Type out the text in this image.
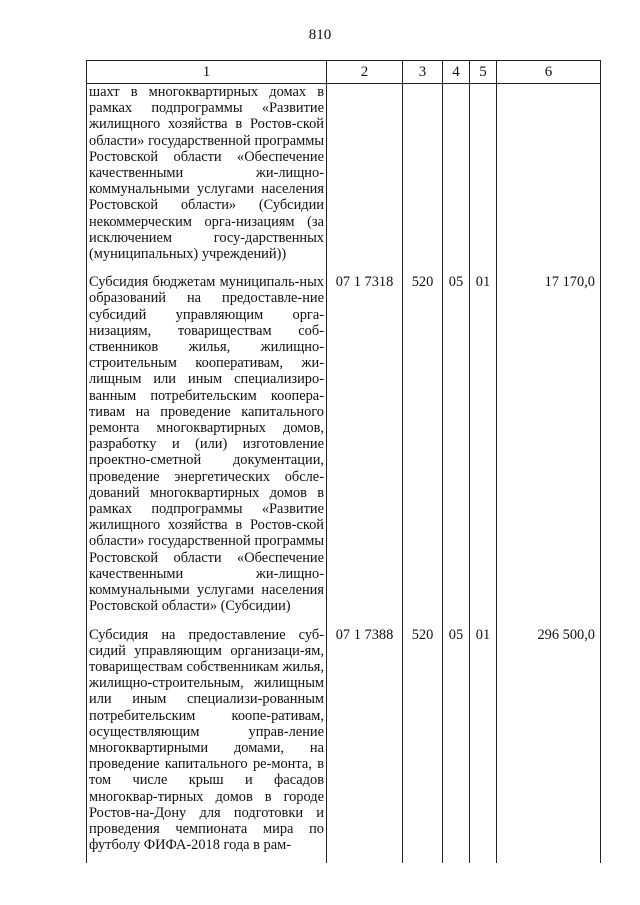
810
1	2	3	4	5	6
шахт в многоквартирных домах в рамках подпрограммы «Развитие жилищного хозяйства в Ростов-ской области» государственной программы Ростовской области «Обеспечение качественными жи-лищно-коммунальными услугами населения Ростовской области» (Субсидии некоммерческим орга-низациям (за исключением госу-дарственных (муниципальных) учреждений))					
Субсидия бюджетам муниципаль-ных образований на предоставле-ние субсидий управляющим орга-низациям, товариществам соб-ственников жилья, жилищно-строительным кооперативам, жи-лищным или иным специализиро-ванным потребительским коопера-тивам на проведение капитального ремонта многоквартирных домов, разработку и (или) изготовление проектно-сметной документации, проведение энергетических обсле-дований многоквартирных домов в рамках подпрограммы «Развитие жилищного хозяйства в Ростов-ской области» государственной программы Ростовской области «Обеспечение качественными жи-лищно-коммунальными услугами населения Ростовской области» (Субсидии)	07 1 7318	520	05	01	17 170,0
Субсидия на предоставление суб-сидий управляющим организаци-ям, товариществам собственникам жилья, жилищно-строительным, жилищным или иным специализи-рованным потребительским коопе-ративам, осуществляющим управ-ление многоквартирными домами, на проведение капитального ре-монта, в том числе крыш и фасадов многоквар-тирных домов в городе Ростов-на-Дону для подготовки и проведения чемпионата мира по футболу ФИФА-2018 года в рам-	07 1 7388	520	05	01	296 500,0
